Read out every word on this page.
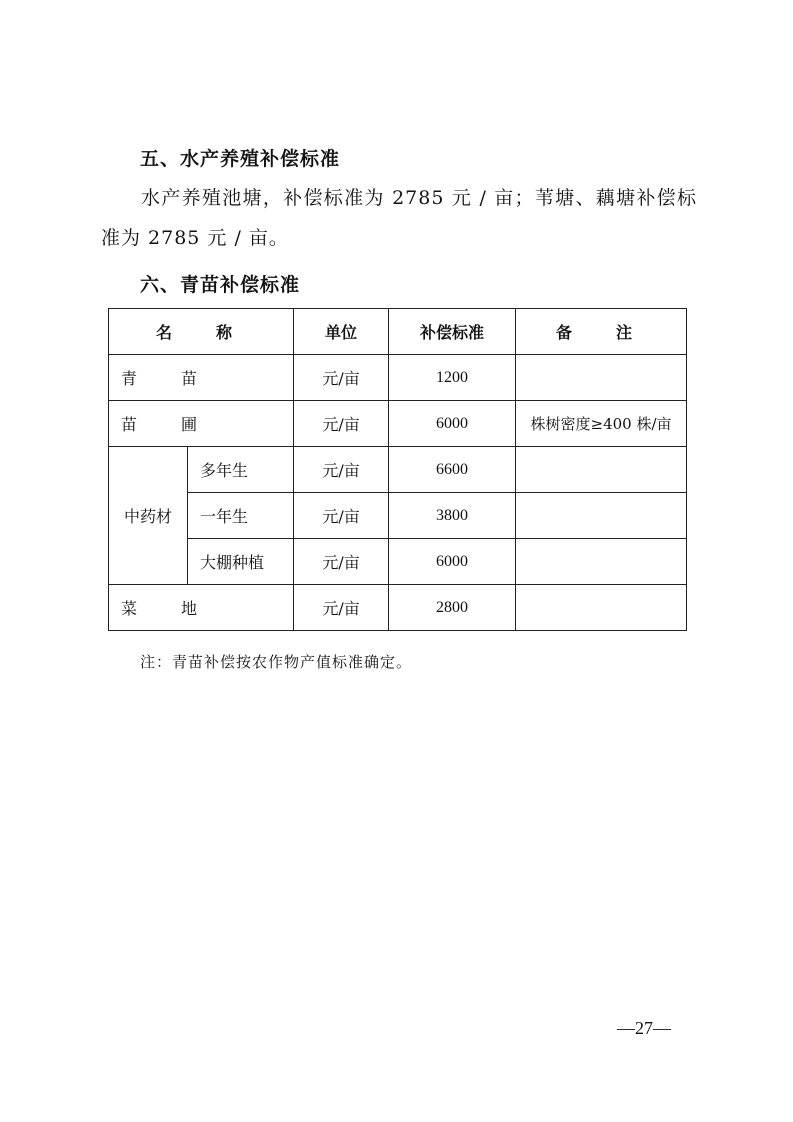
五、水产养殖补偿标准

水产养殖池塘，补偿标准为 2785 元 / 亩；苇塘、藕塘补偿标准为 2785 元 / 亩。

六、青苗补偿标准
名　称		单位	补偿标准	备　注
青　苗		元/亩	1200	
苗　圃		元/亩	6000	株树密度≥400 株/亩
中药材	多年生	元/亩	6600	
	一年生	元/亩	3800	
	大棚种植	元/亩	6000	
菜　地		元/亩	2800	

注：青苗补偿按农作物产值标准确定。

—27—
